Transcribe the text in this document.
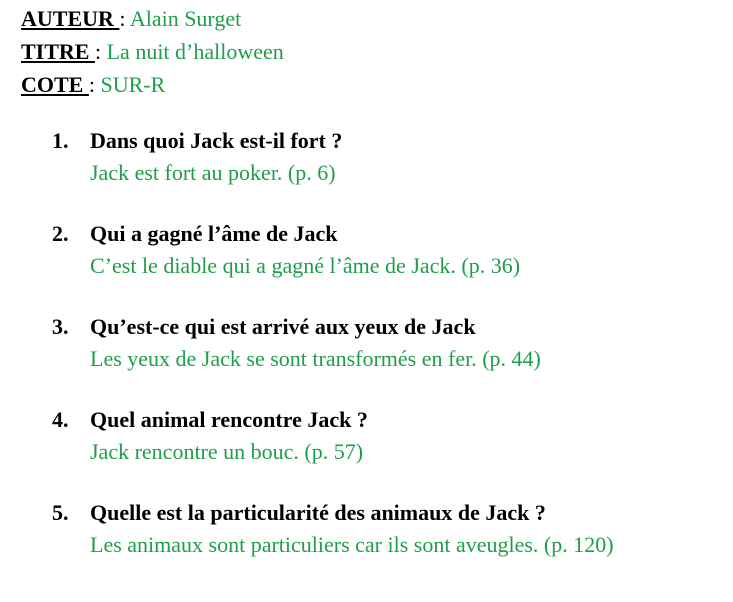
AUTEUR : Alain Surget
TITRE : La nuit d’halloween
COTE : SUR-R
1. Dans quoi Jack est-il fort ?
Jack est fort au poker. (p. 6)
2. Qui a gagné l’âme de Jack
C’est le diable qui a gagné l’âme de Jack. (p. 36)
3. Qu’est-ce qui est arrivé aux yeux de Jack
Les yeux de Jack se sont transformés en fer. (p. 44)
4. Quel animal rencontre Jack ?
Jack rencontre un bouc. (p. 57)
5. Quelle est la particularité des animaux de Jack ?
Les animaux sont particuliers car ils sont aveugles. (p. 120)
